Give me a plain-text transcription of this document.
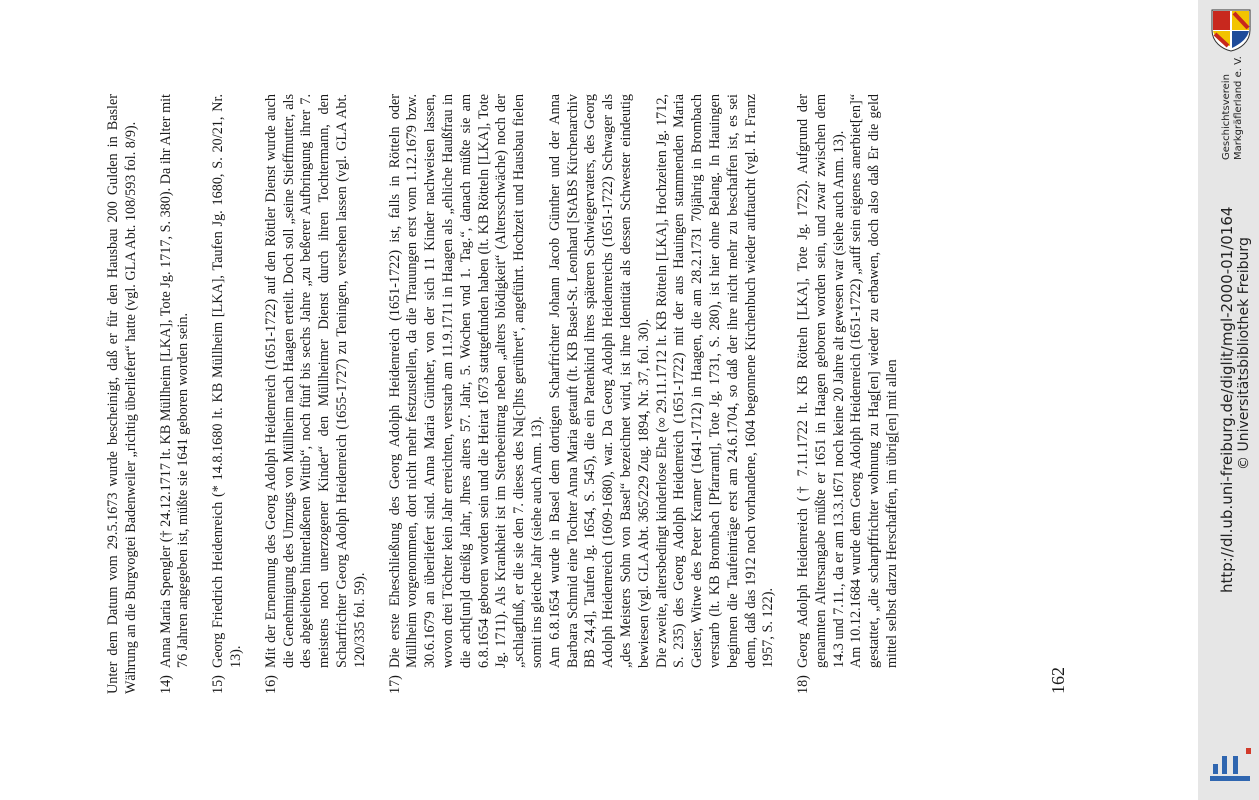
Unter dem Datum vom 29.5.1673 wurde bescheinigt, daß er für den Hausbau 200 Gulden in Basler Währung an die Burgvogtei Badenweiler „richtig überliefert“ hatte (vgl. GLA Abt. 108/593 fol. 8/9). 14)

Anna Maria Spengler († 24.12.1717 lt. KB Müllheim [LKA], Tote Jg. 1717, S. 380). Da ihr Alter mit 76 Jahren angegeben ist, müßte sie 1641 geboren worden sein.

15)

Georg Friedrich Heidenreich (* 14.8.1680 lt. KB Müllheim [LKA], Taufen Jg. 1680, S. 20/21, Nr. 13).

16)

Mit der Ernennung des Georg Adolph Heidenreich (1651-1722) auf den Röttler Dienst wurde auch die Genehmigung des Umzugs von Müllheim nach Haagen erteilt. Doch soll „seine Stieffmutter, als des abgeleibten hinterlaßenen Wittib“, noch fünf bis sechs Jahre „zu beßerer Aufbringung ihrer 7. meistens noch unerzogener Kinder“ den Müllheimer Dienst durch ihren Tochtermann, den Scharfrichter Georg Adolph Heidenreich (1655-1727) zu Teningen, versehen lassen (vgl. GLA Abt. 120/335 fol. 59).

17)

Die erste Eheschließung des Georg Adolph Heidenreich (1651-1722) ist, falls in Rötteln oder Müllheim vorgenommen, dort nicht mehr festzustellen, da die Trauungen erst vom 1.12.1679 bzw. 30.6.1679 an überliefert sind. Anna Maria Günther, von der sich 11 Kinder nachweisen lassen, wovon drei Töchter kein Jahr erreichten, verstarb am 11.9.1711 in Haagen als „ehliche Haußfrau in die acht[un]d dreißig Jahr, Jhres alters 57. Jahr, 5. Wochen vnd 1. Tag.“, danach müßte sie am 6.8.1654 geboren worden sein und die Heirat 1673 stattgefunden haben (lt. KB Rötteln [LKA], Tote Jg. 1711). Als Krankheit ist im Sterbeeintrag neben „alters blödigkeit“ (Altersschwäche) noch der „schlagfluß, er die sie den 7. dieses des Na[c]hts gerühret“, angeführt. Hochzeit und Hausbau fielen somit ins gleiche Jahr (siehe auch Anm. 13). Am 6.8.1654 wurde in Basel dem dortigen Scharfrichter Johann Jacob Günther und der Anna Barbara Schmid eine Tochter Anna Maria getauft (lt. KB Basel-St. Leonhard [StABS Kirchenarchiv BB 24,4], Taufen Jg. 1654, S. 545), die ein Patenkind ihres späteren Schwiegervaters, des Georg Adolph Heidenreich (1609-1680), war. Da Georg Adolph Heidenreichs (1651-1722) Schwager als „des Meisters Sohn von Basel“ bezeichnet wird, ist ihre Identität als dessen Schwester eindeutig bewiesen (vgl. GLA Abt. 365/229 Zug. 1894, Nr. 37, fol. 30). Die zweite, altersbedingt kinderlose Ehe (∞ 29.11.1712 lt. KB Rötteln [LKA], Hochzeiten Jg. 1712, S. 235) des Georg Adolph Heidenreich (1651-1722) mit der aus Hauingen stammenden Maria Geiser, Witwe des Peter Kramer (1641-1712) in Haagen, die am 28.2.1731 70jährig in Brombach verstarb (lt. KB Brombach [Pfarramt], Tote Jg. 1731, S. 280), ist hier ohne Belang. In Hauingen beginnen die Taufeinträge erst am 24.6.1704, so daß der ihre nicht mehr zu beschaffen ist, es sei denn, daß das 1912 noch vorhandene, 1604 begonnene Kirchenbuch wieder auftaucht (vgl. H. Franz 1957, S. 122).

18)

Georg Adolph Heidenreich († 7.11.1722 lt. KB Rötteln [LKA], Tote Jg. 1722). Aufgrund der genannten Altersangabe müßte er 1651 in Haagen geboren worden sein, und zwar zwischen dem 14.3 und 7.11., da er am 13.3.1671 noch keine 20 Jahre alt gewesen war (siehe auch Anm. 13). Am 10.12.1684 wurde dem Georg Adolph Heidenreich (1651-1722) „auff sein eigenes anerbiet[en]“ gestattet, „die scharpffrichter wohnung zu Hag[en] wieder zu erbawen, doch also daß Er die geld mittel selbst darzu Herschaffen, im übrig[en] mit allen

162
http://dl.ub.uni-freiburg.de/diglit/mgl-2000-01/0164 © Universitätsbibliothek Freiburg
Geschichtsverein Markgräflerland e. V.
